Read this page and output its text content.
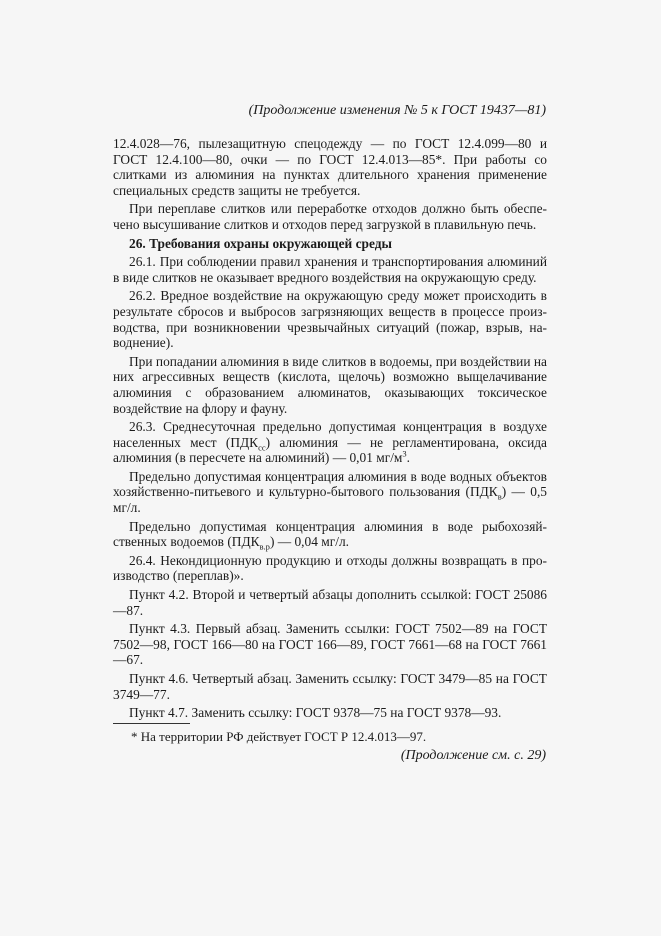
(Продолжение изменения № 5 к ГОСТ 19437—81)

12.4.028—76, пылезащитную спецодежду — по ГОСТ 12.4.099—80 и ГОСТ 12.4.100—80, очки — по ГОСТ 12.4.013—85*. При работы со слитками из алюминия на пунктах длительного хранения применение специальных средств защиты не требуется.

При переплаве слитков или переработке отходов должно быть обеспечено высушивание слитков и отходов перед загрузкой в плавильную печь.

26. Требования охраны окружающей среды

26.1. При соблюдении правил хранения и транспортирования алюминий в виде слитков не оказывает вредного воздействия на окружающую среду.

26.2. Вредное воздействие на окружающую среду может происходить в результате сбросов и выбросов загрязняющих веществ в процессе производства, при возникновении чрезвычайных ситуаций (пожар, взрыв, наводнение).

При попадании алюминия в виде слитков в водоемы, при воздействии на них агрессивных веществ (кислота, щелочь) возможно выщелачивание алюминия с образованием алюминатов, оказывающих токсическое воздействие на флору и фауну.

26.3. Среднесуточная предельно допустимая концентрация в воздухе населенных мест $(ПДК_{сс})$ алюминия — не регламентирована, оксида алюминия (в пересчете на алюминий) — 0,01 $мг/м^3$.

Предельно допустимая концентрация алюминия в воде водных объектов хозяйственно-питьевого и культурно-бытового пользования $(ПДК_в)$ — 0,5 мг/л.

Предельно допустимая концентрация алюминия в воде рыбохозяйственных водоемов $(ПДК_{в.р})$ — 0,04 мг/л.

26.4. Некондиционную продукцию и отходы должны возвращать в производство (переплав)».

Пункт 4.2. Второй и четвертый абзацы дополнить ссылкой: ГОСТ 25086—87.

Пункт 4.3. Первый абзац. Заменить ссылки: ГОСТ 7502—89 на ГОСТ 7502—98, ГОСТ 166—80 на ГОСТ 166—89, ГОСТ 7661—68 на ГОСТ 7661—67.

Пункт 4.6. Четвертый абзац. Заменить ссылку: ГОСТ 3479—85 на ГОСТ 3749—77.

Пункт 4.7. Заменить ссылку: ГОСТ 9378—75 на ГОСТ 9378—93.

* На территории РФ действует ГОСТ Р 12.4.013—97.
(Продолжение см. с. 29)
